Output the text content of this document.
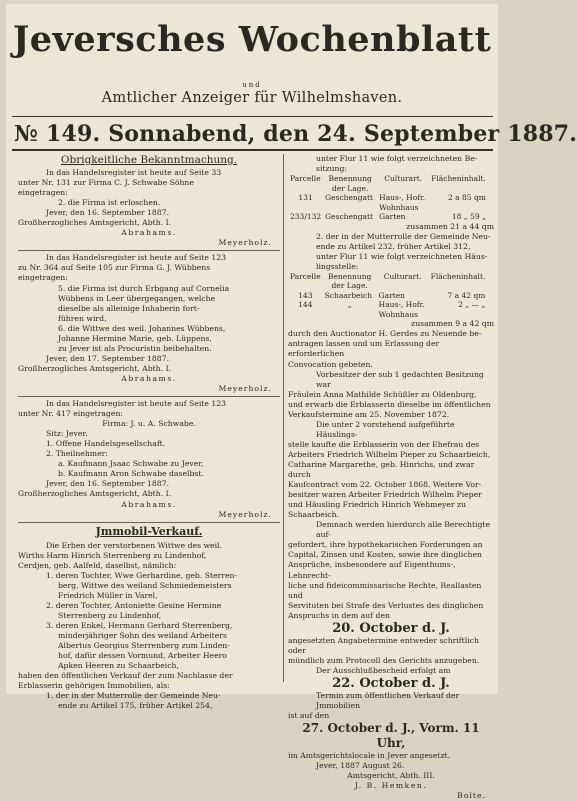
Jeversches Wochenblatt
und
Amtlicher Anzeiger für Wilhelmshaven.
№ 149. Sonnabend, den 24. September 1887.

Obrigkeitliche Bekanntmachung.

In das Handelsregister ist heute auf Seite 33

unter Nr. 131 zur Firma C. J. Schwabe Söhne

eingetragen:

2. die Firma ist erloschen.

Jever, den 16. September 1887.

Großherzogliches Amtsgericht, Abth. I.

Abrahams.

Meyerholz.

In das Handelsregister ist heute auf Seite 123

zu Nr. 364 auf Seite 105 zur Firma G. J. Wübbens

eingetragen:

5. die Firma ist durch Erbgang auf Cornelia

Wübbens in Leer übergegangen, welche

dieselbe als alleinige Inhaberin fort-

führen wird,

6. die Wittwe des weil. Johannes Wübbens,

Johanne Hermine Marie, geb. Lüppens,

zu Jever ist als Procuristin beibehalten.

Jever, den 17. September 1887.

Großherzogliches Amtsgericht, Abth. I.

Abrahams.

Meyerholz.

In das Handelsregister ist heute auf Seite 123

unter Nr. 417 eingetragen:

Firma: J. u. A. Schwabe.

Sitz: Jever.

1. Offene Handelsgesellschaft.

2. Theilnehmer:

a. Kaufmann Jsaac Schwabe zu Jever,

b. Kaufmann Aron Schwabe daselbst.

Jever, den 16. September 1887.

Großherzogliches Amtsgericht, Abth. I.

Abrahams.

Meyerholz.

Jmmobil-Verkauf.

Die Erben der verstorbenen Wittwe des weil.

Wirths Harm Hinrich Sterrenberg zu Lindenhof,

Cerdjen, geb. Aalfeld, daselbst, nämlich:

1. deren Tochter, Wwe Gerhardine, geb. Sterren-

berg, Wittwe des weiland Schmiedemeisters

Friedrich Müller in Varel,

2. deren Tochter, Antoniette Gesine Hermine

Sterrenberg zu Lindenhof,

3. deren Enkel, Hermann Gerhard Sterrenberg,

minderjähriger Sohn des weiland Arbeiters

Albertus Georgius Sterrenberg zum Linden-

hof, dafür dessen Vormund, Arbeiter Heero

Apken Heeren zu Schaarbeich,

haben den öffentlichen Verkauf der zum Nachlasse der

Erblasserin gehörigen Immobilien, als:

1. der in der Mutterrolle der Gemeinde Neu-

ende zu Artikel 175, früher Artikel 254,

unter Flur 11 wie folgt verzeichneten Be-

sitzung:

Parcelle	Benennung der Lage.	Culturart.	Flächeninhalt.
131	Geschengatt	Haus-, Hofr. Wohnhaus	2 a 85 qm
233/132	Geschengatt	Garten	18 „ 59 „

zusammen 21 a 44 qm

2. der in der Mutterrolle der Gemeinde Neu-

ende zu Artikel 232, früher Artikel 312,

unter Flur 11 wie folgt verzeichneten Häus-

lingsstelle:

Parcelle	Benennung der Lage.	Culturart.	Flächeninhalt.
143	Schaarbeich	Garten	7 a 42 qm
144	„	Haus-, Hofr. Wohnhaus	2 „ — „

zusammen 9 a 42 qm

durch den Auctionator H. Gerdes zu Neuende be-

antragen lassen und um Erlassung der erforderlichen

Convocation gebeten.

Vorbesitzer der sub 1 gedachten Besitzung war

Fräulein Anna Mathilde Schüßler zu Oldenburg,

und erwarb die Erblasserin dieselbe im öffentlichen

Verkaufstermine am 25. November 1872.

Die unter 2 vorstehend aufgeführte Häuslings-

stelle kaufte die Erblasserin von der Ehefrau des

Arbeiters Friedrich Wilhelm Pieper zu Schaarbeich,

Catharine Margarethe, geb. Hinrichs, und zwar durch

Kaufcontract vom 22. October 1868. Weitere Vor-

besitzer waren Arbeiter Friedrich Wilhelm Pieper

und Häusling Friedrich Hinrich Wehmeyer zu

Schaarbeich.

Demnach werden hierdurch alle Berechtigte auf-

gefordert, ihre hypothekarischen Forderungen an

Capital, Zinsen und Kosten, sowie ihre dinglichen

Ansprüche, insbesondere auf Eigenthums-, Lehnrecht-

liche und fideicommissarische Rechte, Reallasten und

Servituten bei Strafe des Verlustes des dinglichen

Anspruchs in dem auf den

20. October d. J.

angesetzten Angabetermine entweder schriftlich oder

mündlich zum Protocoll des Gerichts anzugeben.

Der Ausschlußbescheid erfolgt am

22. October d. J.

Termin zum öffentlichen Verkauf der Jmmobilien

ist auf den

27. October d. J., Vorm. 11 Uhr,

im Amtsgerichtslocale in Jever angesetzt.

Jever, 1887 August 26.

Amtsgericht, Abth. III.

J. B. Hemken.

Bolte.
